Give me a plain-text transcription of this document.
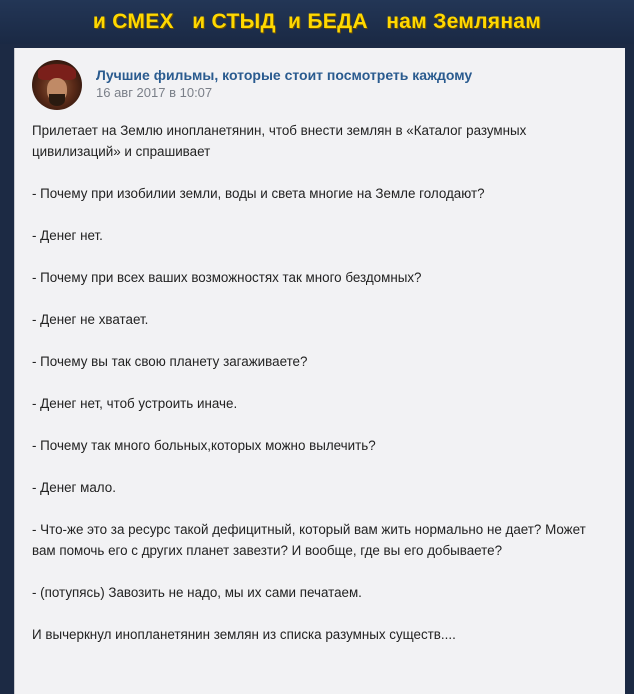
и СМЕХ   и СТЫД  и БЕДА   нам Землянам
Лучшие фильмы, которые стоит посмотреть каждому
16 авг 2017 в 10:07

Прилетает на Землю инопланетянин, чтоб внести землян в «Каталог разумных цивилизаций» и спрашивает

- Почему при изобилии земли, воды и света многие на Земле голодают?

- Денег нет.

- Почему при всех ваших возможностях так много бездомных?

- Денег не хватает.

- Почему вы так свою планету загаживаете?

- Денег нет, чтоб устроить иначе.

- Почему так много больных,которых можно вылечить?

- Денег мало.

- Что-же это за ресурс такой дефицитный, который вам жить нормально не дает? Может вам помочь его с других планет завезти? И вообще, где вы его добываете?

- (потупясь) Завозить не надо, мы их сами печатаем.

И вычеркнул инопланетянин землян из списка разумных существ....
